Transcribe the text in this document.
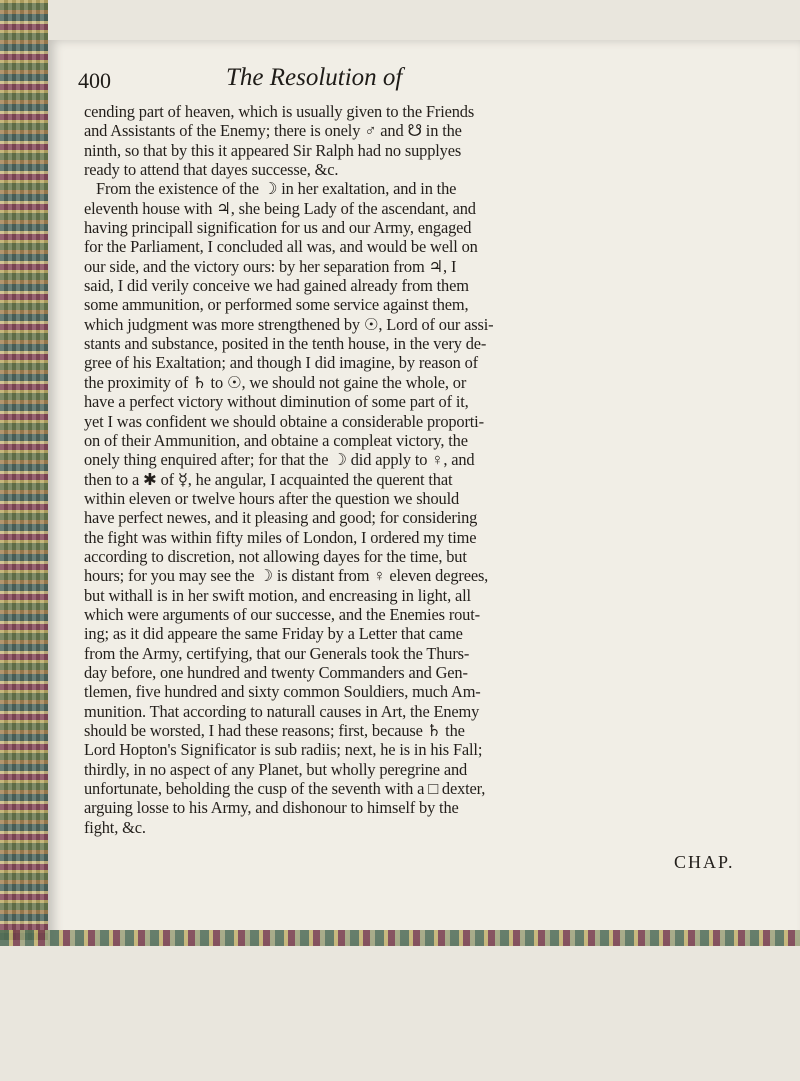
400	The Resolution of
cending part of heaven, which is usually given to the Friends
and Assistants of the Enemy; there is onely ♂ and ☋ in the
ninth, so that by this it appeared Sir Ralph had no supplyes
ready to attend that dayes successe, &c.
From the existence of the ☽ in her exaltation, and in the
eleventh house with ♃, she being Lady of the ascendant, and
having principall signification for us and our Army, engaged
for the Parliament, I concluded all was, and would be well on
our side, and the victory ours: by her separation from ♃, I
said, I did verily conceive we had gained already from them
some ammunition, or performed some service against them,
which judgment was more strengthened by ☉, Lord of our assi-
stants and substance, posited in the tenth house, in the very de-
gree of his Exaltation; and though I did imagine, by reason of
the proximity of ♄ to ☉, we should not gaine the whole, or
have a perfect victory without diminution of some part of it,
yet I was confident we should obtaine a considerable proporti-
on of their Ammunition, and obtaine a compleat victory, the
onely thing enquired after; for that the ☽ did apply to ♀, and
then to a ✱ of ☿, he angular, I acquainted the querent that
within eleven or twelve hours after the question we should
have perfect newes, and it pleasing and good; for considering
the fight was within fifty miles of London, I ordered my time
according to discretion, not allowing dayes for the time, but
hours; for you may see the ☽ is distant from ♀ eleven degrees,
but withall is in her swift motion, and encreasing in light, all
which were arguments of our successe, and the Enemies rout-
ing; as it did appeare the same Friday by a Letter that came
from the Army, certifying, that our Generals took the Thurs-
day before, one hundred and twenty Commanders and Gen-
tlemen, five hundred and sixty common Souldiers, much Am-
munition. That according to naturall causes in Art, the Enemy
should be worsted, I had these reasons; first, because ♄ the
Lord Hopton's Significator is sub radiis; next, he is in his Fall;
thirdly, in no aspect of any Planet, but wholly peregrine and
unfortunate, beholding the cusp of the seventh with a □ dexter,
arguing losse to his Army, and dishonour to himself by the
fight, &c.
CHAP.
